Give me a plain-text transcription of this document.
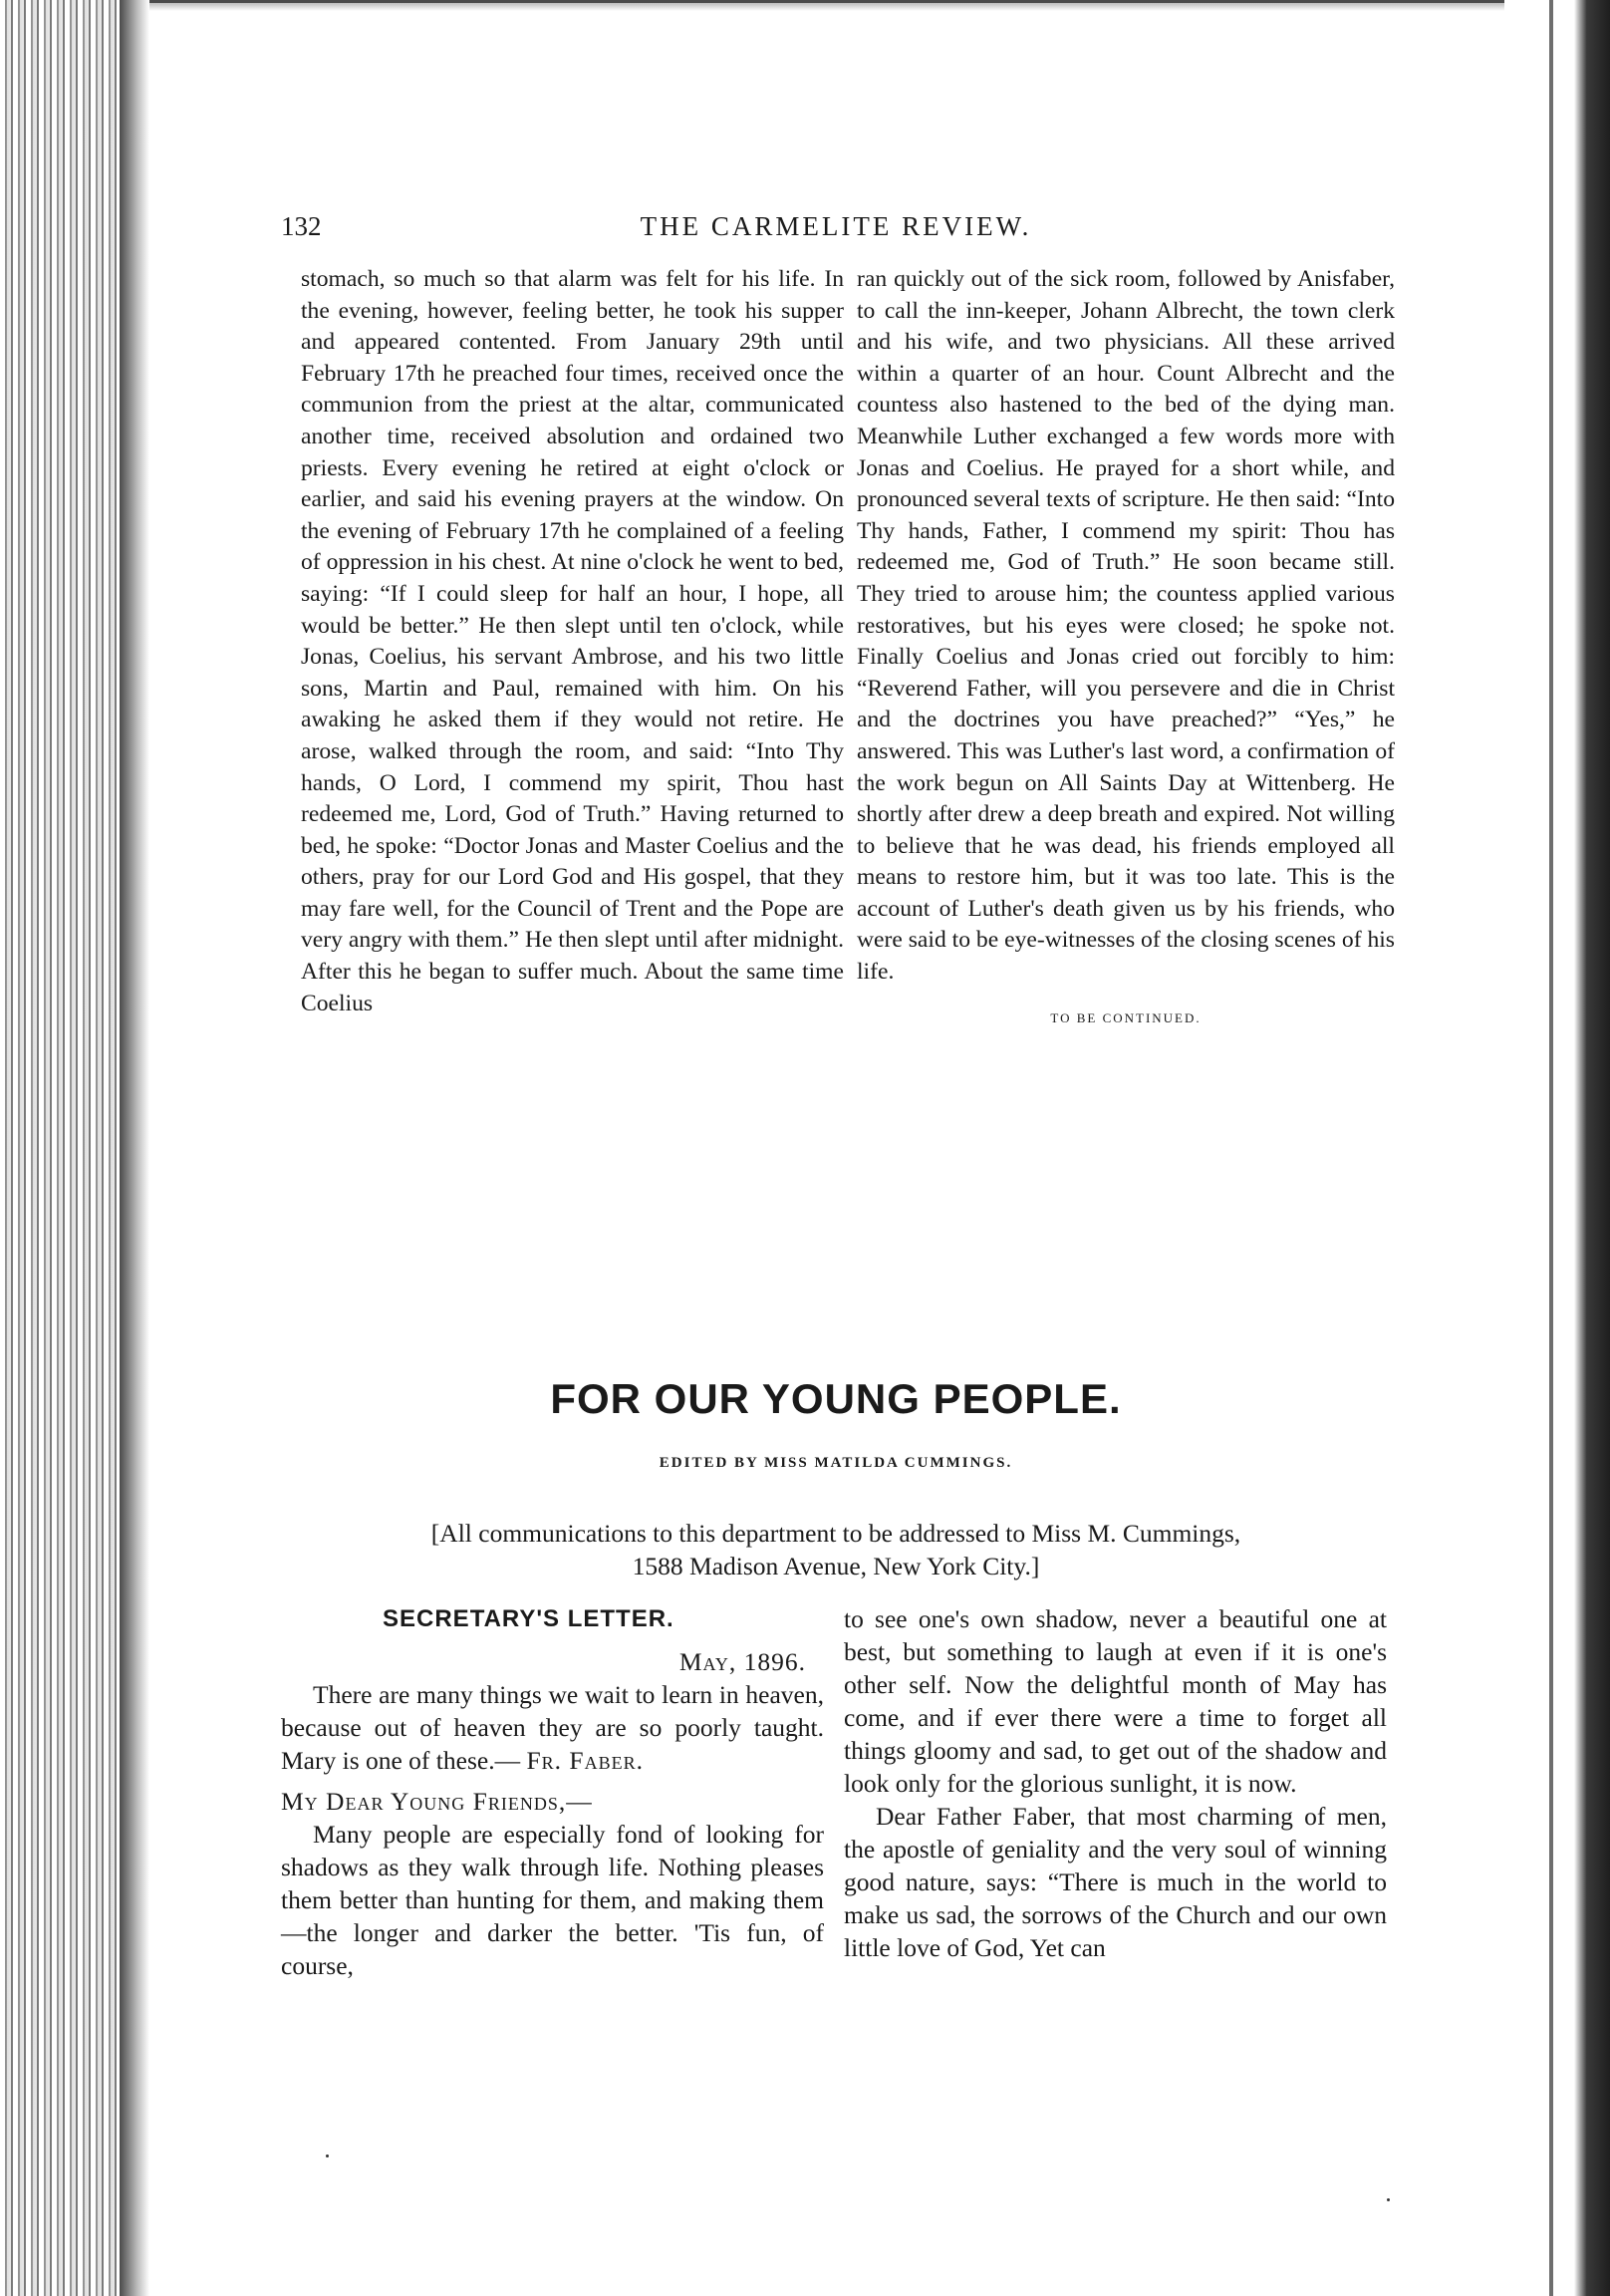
132	THE CARMELITE REVIEW.

stomach, so much so that alarm was felt for his life. In the evening, however, feeling better, he took his supper and appeared contented. From January 29th until February 17th he preached four times, received once the communion from the priest at the altar, communicated another time, received absolution and ordained two priests. Every evening he retired at eight o'clock or earlier, and said his evening prayers at the window. On the evening of February 17th he complained of a feeling of oppression in his chest. At nine o'clock he went to bed, saying: “If I could sleep for half an hour, I hope, all would be better.” He then slept until ten o'clock, while Jonas, Coelius, his servant Ambrose, and his two little sons, Martin and Paul, remained with him. On his awaking he asked them if they would not retire. He arose, walked through the room, and said: “Into Thy hands, O Lord, I commend my spirit, Thou hast redeemed me, Lord, God of Truth.” Having returned to bed, he spoke: “Doctor Jonas and Master Coelius and the others, pray for our Lord God and His gospel, that they may fare well, for the Council of Trent and the Pope are very angry with them.” He then slept until after midnight. After this he began to suffer much. About the same time Coelius

ran quickly out of the sick room, followed by Anisfaber, to call the inn-keeper, Johann Albrecht, the town clerk and his wife, and two physicians. All these arrived within a quarter of an hour. Count Albrecht and the countess also hastened to the bed of the dying man. Meanwhile Luther exchanged a few words more with Jonas and Coelius. He prayed for a short while, and pronounced several texts of scripture. He then said: “Into Thy hands, Father, I commend my spirit: Thou has redeemed me, God of Truth.” He soon became still. They tried to arouse him; the countess applied various restoratives, but his eyes were closed; he spoke not. Finally Coelius and Jonas cried out forcibly to him: “Reverend Father, will you persevere and die in Christ and the doctrines you have preached?” “Yes,” he answered. This was Luther's last word, a confirmation of the work begun on All Saints Day at Wittenberg. He shortly after drew a deep breath and expired. Not willing to believe that he was dead, his friends employed all means to restore him, but it was too late. This is the account of Luther's death given us by his friends, who were said to be eye-witnesses of the closing scenes of his life.

TO BE CONTINUED.

FOR OUR YOUNG PEOPLE.
EDITED BY MISS MATILDA CUMMINGS.
[All communications to this department to be addressed to Miss M. Cummings,
1588 Madison Avenue, New York City.]

SECRETARY'S LETTER.

May, 1896.

There are many things we wait to learn in heaven, because out of heaven they are so poorly taught. Mary is one of these.— Fr. Faber.

My Dear Young Friends,—

Many people are especially fond of looking for shadows as they walk through life. Nothing pleases them better than hunting for them, and making them—the longer and darker the better. 'Tis fun, of course,

to see one's own shadow, never a beautiful one at best, but something to laugh at even if it is one's other self. Now the delightful month of May has come, and if ever there were a time to forget all things gloomy and sad, to get out of the shadow and look only for the glorious sunlight, it is now.

Dear Father Faber, that most charming of men, the apostle of geniality and the very soul of winning good nature, says: “There is much in the world to make us sad, the sorrows of the Church and our own little love of God, Yet can
